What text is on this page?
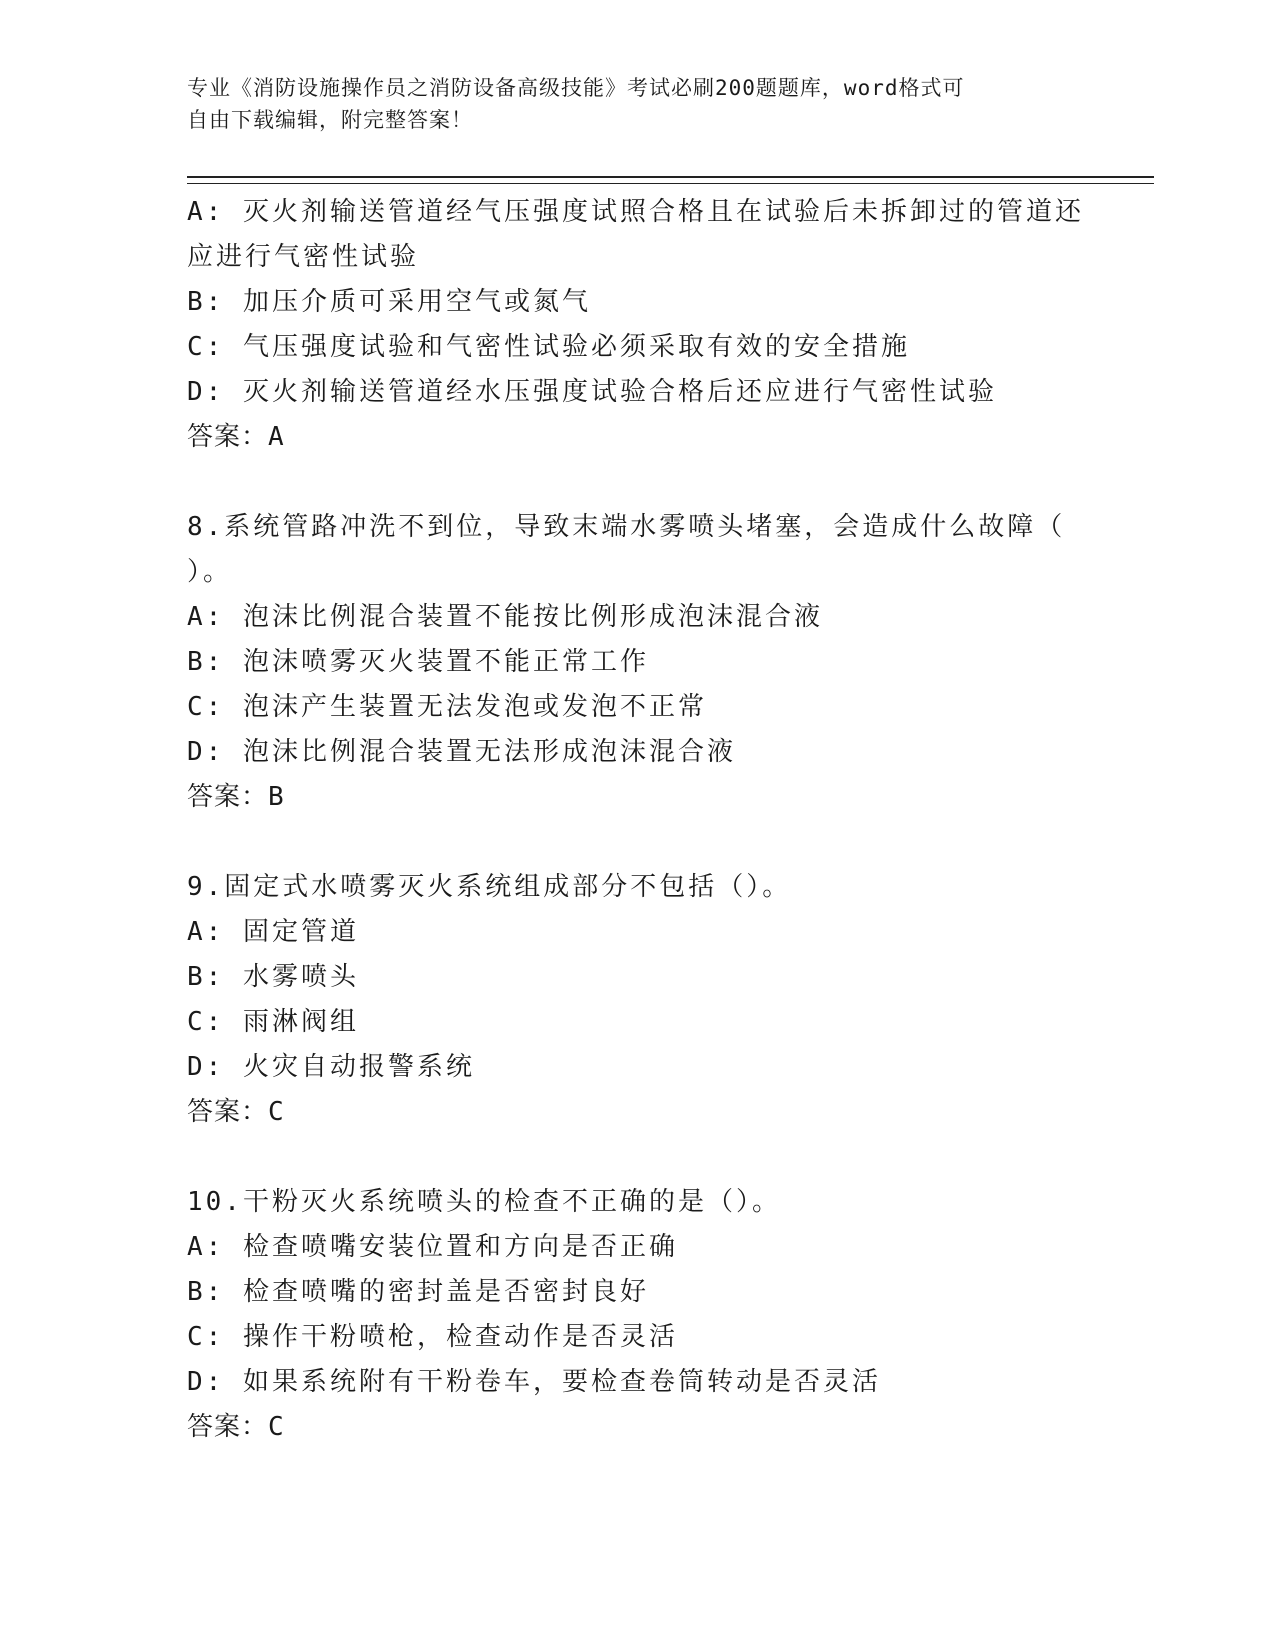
专业《消防设施操作员之消防设备高级技能》考试必刷200题题库，word格式可
自由下载编辑，附完整答案！
A: 灭火剂输送管道经气压强度试照合格且在试验后未拆卸过的管道还
应进行气密性试验
B: 加压介质可采用空气或氮气
C: 气压强度试验和气密性试验必须采取有效的安全措施
D: 灭火剂输送管道经水压强度试验合格后还应进行气密性试验
答案：A
8.系统管路冲洗不到位，导致末端水雾喷头堵塞，会造成什么故障（
）。
A: 泡沫比例混合装置不能按比例形成泡沫混合液
B: 泡沫喷雾灭火装置不能正常工作
C: 泡沫产生装置无法发泡或发泡不正常
D: 泡沫比例混合装置无法形成泡沫混合液
答案：B
9.固定式水喷雾灭火系统组成部分不包括（）。
A: 固定管道
B: 水雾喷头
C: 雨淋阀组
D: 火灾自动报警系统
答案：C
10.干粉灭火系统喷头的检查不正确的是（）。
A: 检查喷嘴安装位置和方向是否正确
B: 检查喷嘴的密封盖是否密封良好
C: 操作干粉喷枪，检查动作是否灵活
D: 如果系统附有干粉卷车，要检查卷筒转动是否灵活
答案：C
